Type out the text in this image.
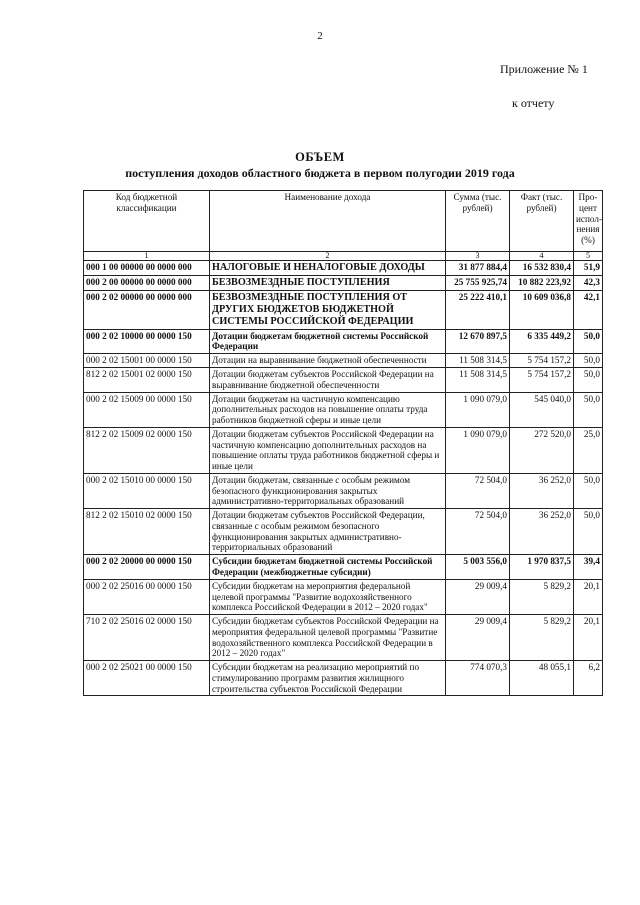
2
Приложение № 1
к отчету
ОБЪЕМ
поступления доходов областного бюджета в первом полугодии 2019 года
Код бюджетной классификации	Наименование дохода	Сумма (тыс. рублей)	Факт (тыс. рублей)	Про-цент испол-нения (%)
1	2	3	4	5
000 1 00 00000 00 0000 000	НАЛОГОВЫЕ И НЕНАЛОГОВЫЕ ДОХОДЫ	31 877 884,4	16 532 830,4	51,9
000 2 00 00000 00 0000 000	БЕЗВОЗМЕЗДНЫЕ ПОСТУПЛЕНИЯ	25 755 925,74	10 882 223,92	42,3
000 2 02 00000 00 0000 000	БЕЗВОЗМЕЗДНЫЕ ПОСТУПЛЕНИЯ ОТ ДРУГИХ БЮДЖЕТОВ БЮДЖЕТНОЙ СИСТЕМЫ РОССИЙСКОЙ ФЕДЕРАЦИИ	25 222 410,1	10 609 036,8	42,1
000 2 02 10000 00 0000 150	Дотации бюджетам бюджетной системы Российской Федерации	12 670 897,5	6 335 449,2	50,0
000 2 02 15001 00 0000 150	Дотации на выравнивание бюджетной обеспеченности	11 508 314,5	5 754 157,2	50,0
812 2 02 15001 02 0000 150	Дотации бюджетам субъектов Российской Федерации на выравнивание бюджетной обеспеченности	11 508 314,5	5 754 157,2	50,0
000 2 02 15009 00 0000 150	Дотации бюджетам на частичную компенсацию дополнительных расходов на повышение оплаты труда работников бюджетной сферы и иные цели	1 090 079,0	545 040,0	50,0
812 2 02 15009 02 0000 150	Дотации бюджетам субъектов Российской Федерации на частичную компенсацию дополнительных расходов на повышение оплаты труда работников бюджетной сферы и иные цели	1 090 079,0	272 520,0	25,0
000 2 02 15010 00 0000 150	Дотации бюджетам, связанные с особым режимом безопасного функционирования закрытых административно-территориальных образований	72 504,0	36 252,0	50,0
812 2 02 15010 02 0000 150	Дотации бюджетам субъектов Российской Федерации, связанные с особым режимом безопасного функционирования закрытых административно-территориальных образований	72 504,0	36 252,0	50,0
000 2 02 20000 00 0000 150	Субсидии бюджетам бюджетной системы Российской Федерации (межбюджетные субсидии)	5 003 556,0	1 970 837,5	39,4
000 2 02 25016 00 0000 150	Субсидии бюджетам на мероприятия федеральной целевой программы "Развитие водохозяйственного комплекса Российской Федерации в 2012 – 2020 годах"	29 009,4	5 829,2	20,1
710 2 02 25016 02 0000 150	Субсидии бюджетам субъектов Российской Федерации на мероприятия федеральной целевой программы "Развитие водохозяйственного комплекса Российской Федерации в 2012 – 2020 годах"	29 009,4	5 829,2	20,1
000 2 02 25021 00 0000 150	Субсидии бюджетам на реализацию мероприятий по стимулированию программ развития жилищного строительства субъектов Российской Федерации	774 070,3	48 055,1	6,2
